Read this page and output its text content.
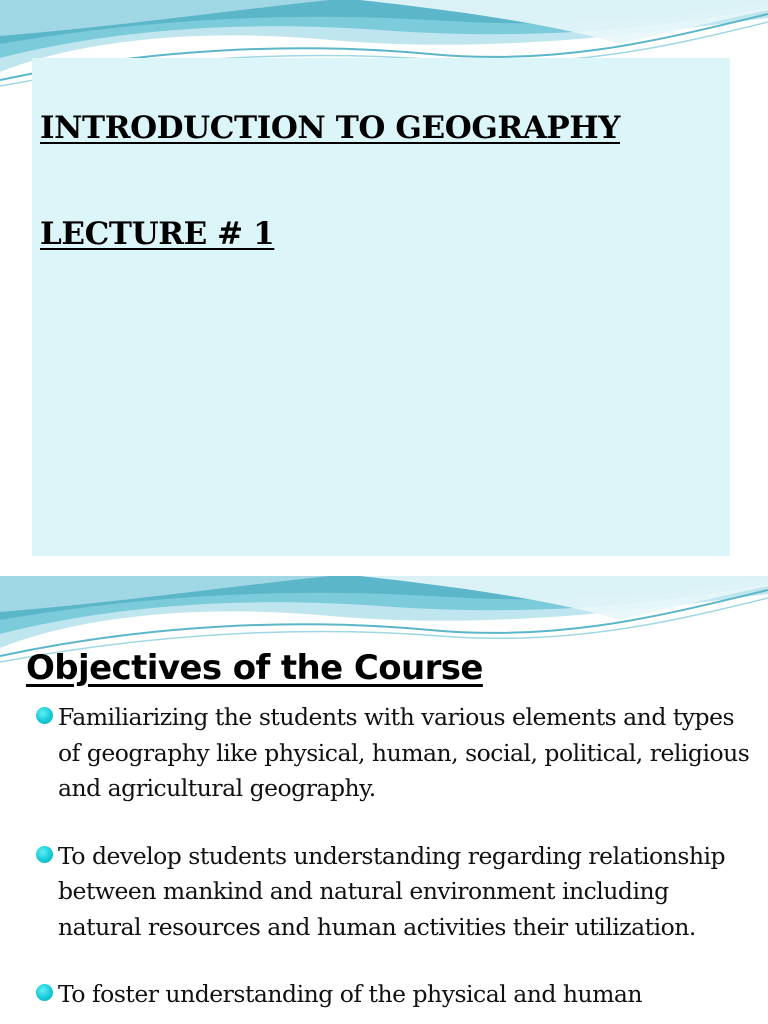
INTRODUCTION TO GEOGRAPHY

LECTURE # 1

Objectives of the Course
Familiarizing the students with various elements and types of geography like physical, human, social, political, religious and agricultural geography.
To develop students understanding regarding relationship between mankind and natural environment including natural resources and human activities their utilization.
To foster understanding of the physical and human
